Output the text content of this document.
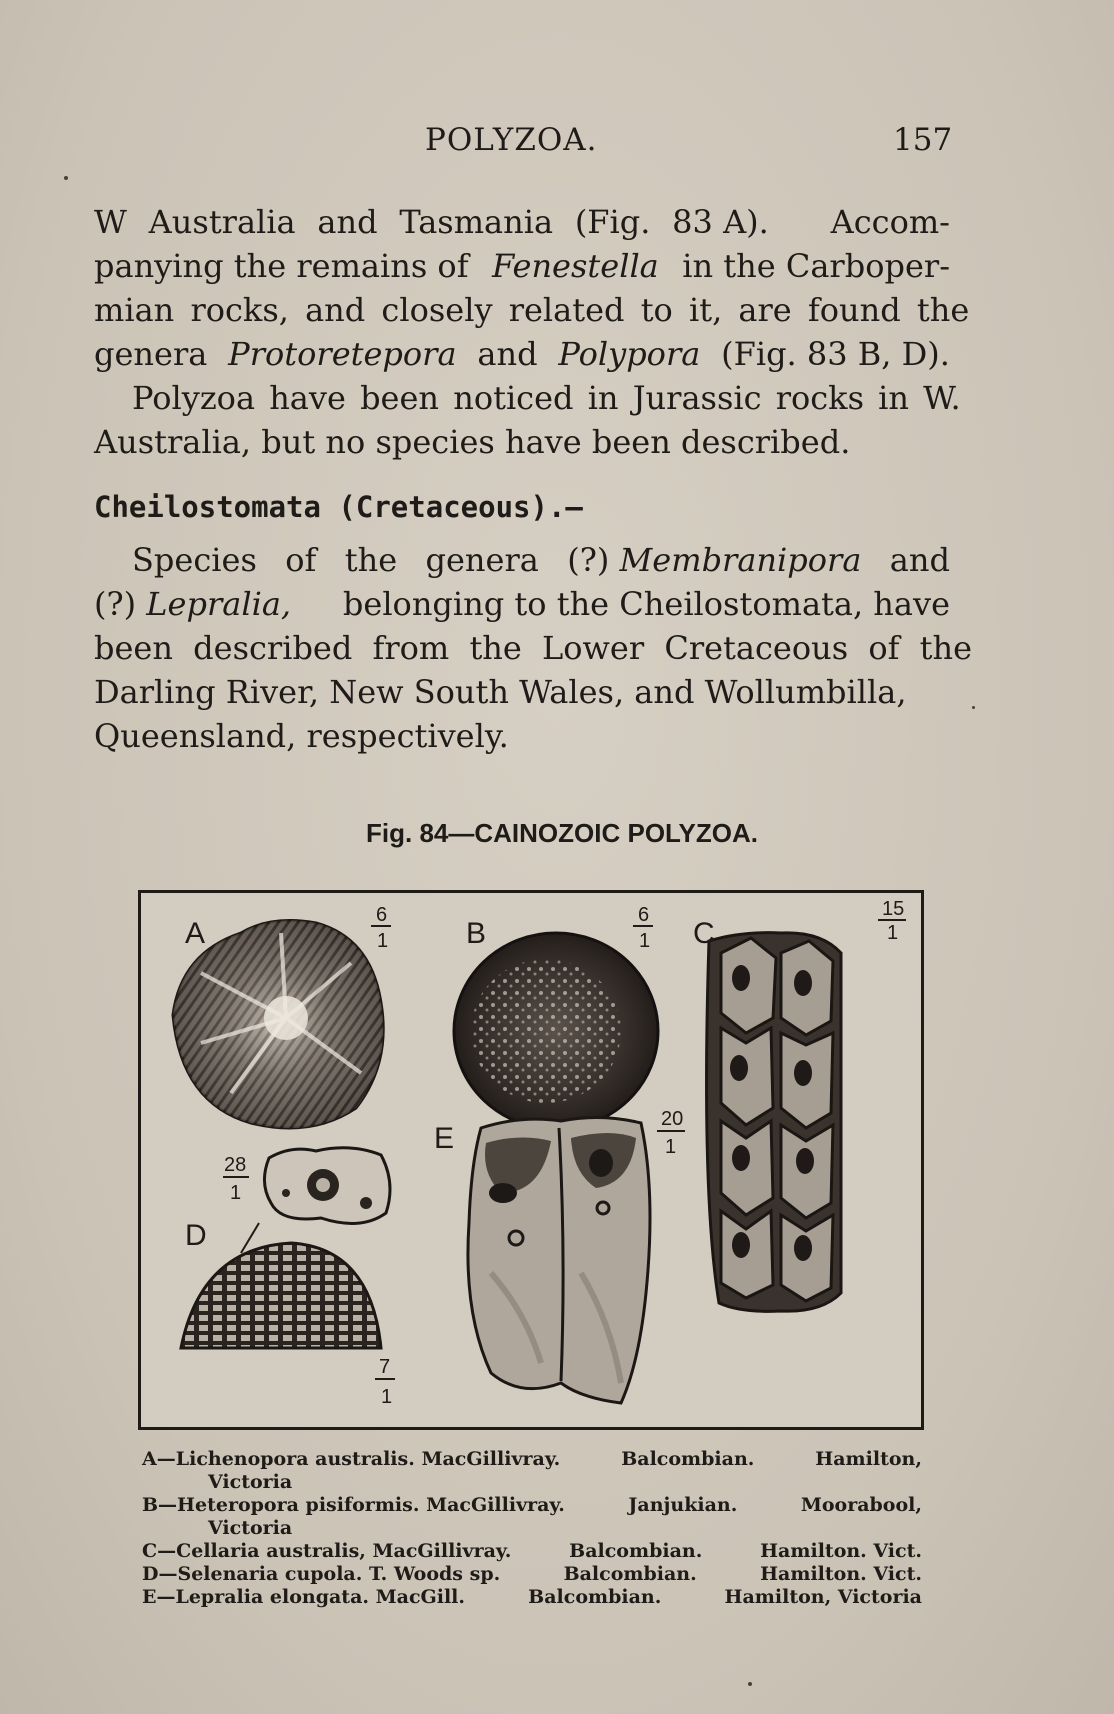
POLYZOA.	157
W Australia and Tasmania (Fig. 83 A). Accom-
panying the remains of Fenestella in the Carboper-
mian rocks, and closely related to it, are found the
genera Protoretepora and Polypora (Fig. 83 B, D).
Polyzoa have been noticed in Jurassic rocks in W.
Australia, but no species have been described.
Cheilostomata (Cretaceous).—
Species of the genera (?) Membranipora and
(?) Lepralia, belonging to the Cheilostomata, have
been described from the Lower Cretaceous of the
Darling River, New South Wales, and Wollumbilla,
Queensland, respectively.
Fig. 84—CAINOZOIC POLYZOA.
A
6
1	B
6
1 C
15
1
D
28
1
7
1
E
20
1
A—Lichenopora australis. MacGillivray.	Balcombian.	Hamilton,
Victoria
B—Heteropora pisiformis. MacGillivray.	Janjukian.	Moorabool,
Victoria
C—Cellaria australis, MacGillivray.	Balcombian.	Hamilton. Vict.
D—Selenaria cupola. T. Woods sp.	Balcombian.	Hamilton. Vict.
E—Lepralia elongata. MacGill.	Balcombian.	Hamilton, Victoria
